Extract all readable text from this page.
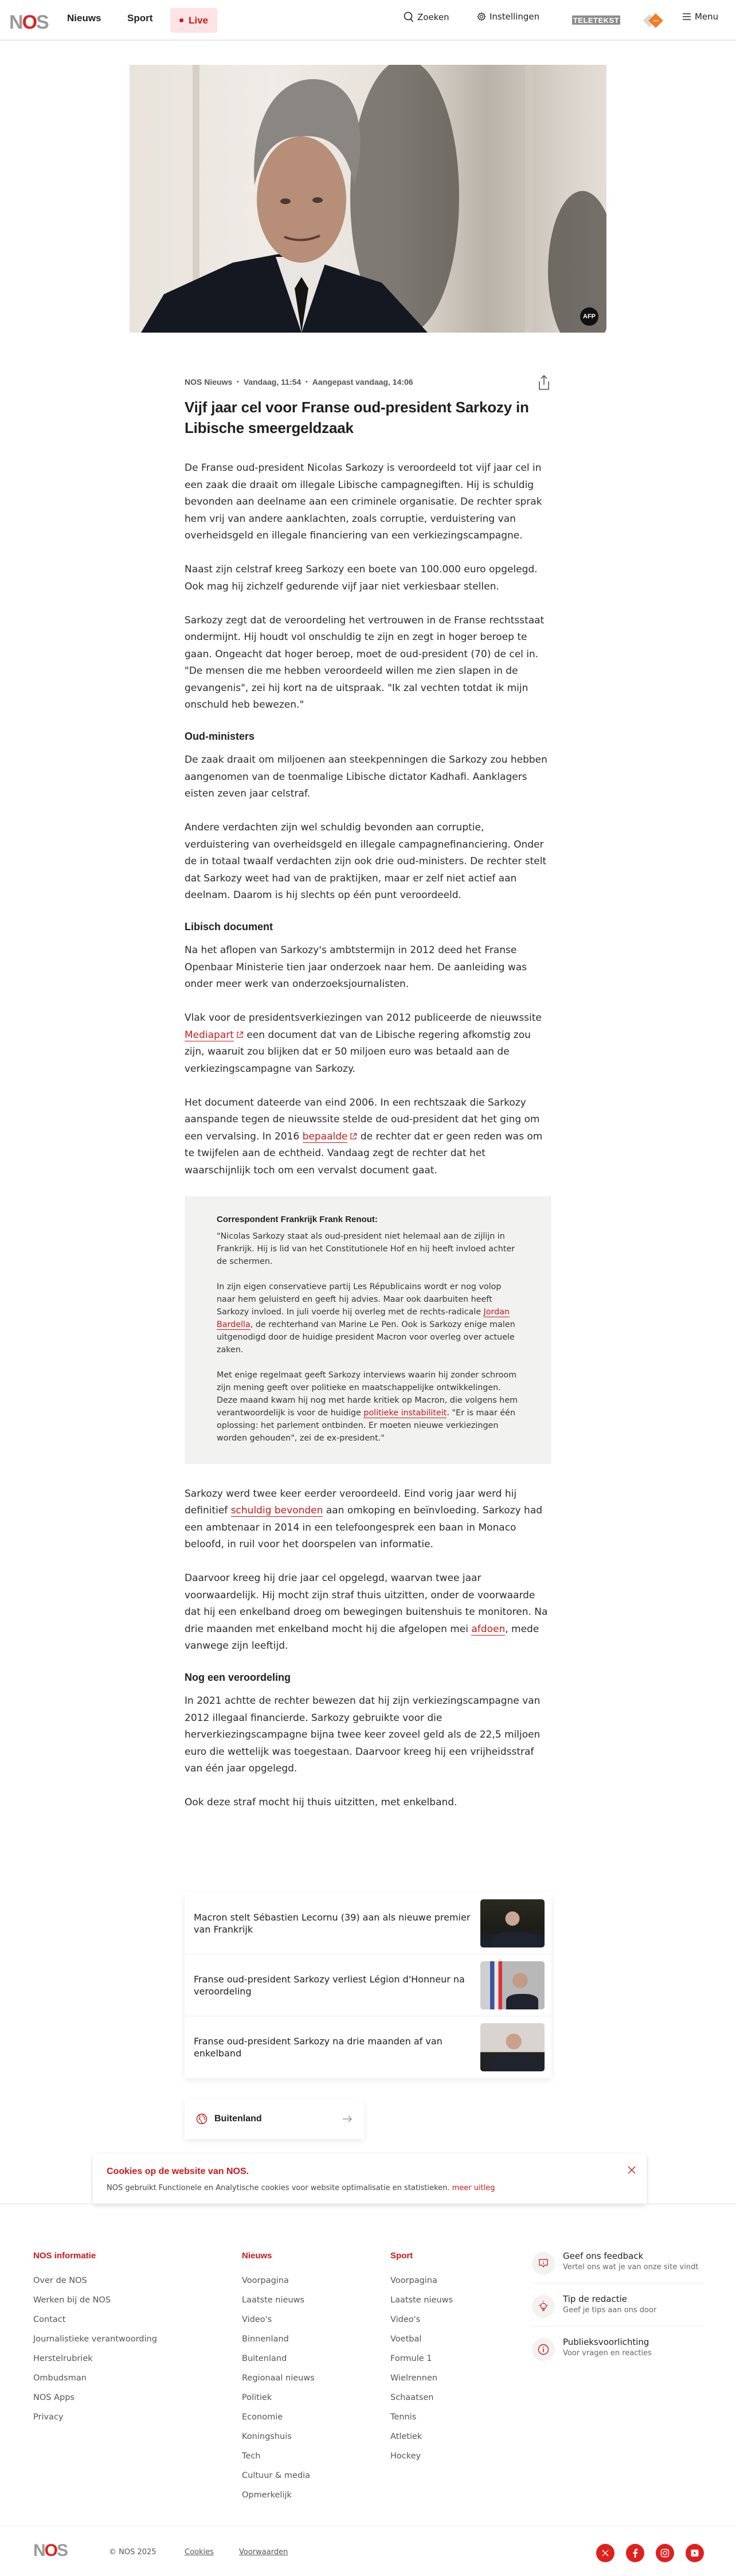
NOS Nieuws	Sport	Live	Zoeken	Instellingen	TELETEKST	start	Menu
AFP
NOS Nieuws • Vandaag, 11:54 • Aangepast vandaag, 14:06
Vijf jaar cel voor Franse oud-president Sarkozy in Libische smeergeldzaak

De Franse oud-president Nicolas Sarkozy is veroordeeld tot vijf jaar cel in een zaak die draait om illegale Libische campagnegiften. Hij is schuldig bevonden aan deelname aan een criminele organisatie. De rechter sprak hem vrij van andere aanklachten, zoals corruptie, verduistering van overheidsgeld en illegale financiering van een verkiezingscampagne.

Naast zijn celstraf kreeg Sarkozy een boete van 100.000 euro opgelegd. Ook mag hij zichzelf gedurende vijf jaar niet verkiesbaar stellen.

Sarkozy zegt dat de veroordeling het vertrouwen in de Franse rechtsstaat ondermijnt. Hij houdt vol onschuldig te zijn en zegt in hoger beroep te gaan. Ongeacht dat hoger beroep, moet de oud-president (70) de cel in. "De mensen die me hebben veroordeeld willen me zien slapen in de gevangenis", zei hij kort na de uitspraak. "Ik zal vechten totdat ik mijn onschuld heb bewezen."

Oud-ministers

De zaak draait om miljoenen aan steekpenningen die Sarkozy zou hebben aangenomen van de toenmalige Libische dictator Kadhafi. Aanklagers eisten zeven jaar celstraf.

Andere verdachten zijn wel schuldig bevonden aan corruptie, verduistering van overheidsgeld en illegale campagnefinanciering. Onder de in totaal twaalf verdachten zijn ook drie oud-ministers. De rechter stelt dat Sarkozy weet had van de praktijken, maar er zelf niet actief aan deelnam. Daarom is hij slechts op één punt veroordeeld.

Libisch document

Na het aflopen van Sarkozy's ambtstermijn in 2012 deed het Franse Openbaar Ministerie tien jaar onderzoek naar hem. De aanleiding was onder meer werk van onderzoeksjournalisten.

Vlak voor de presidentsverkiezingen van 2012 publiceerde de nieuwssite Mediapart een document dat van de Libische regering afkomstig zou zijn, waaruit zou blijken dat er 50 miljoen euro was betaald aan de verkiezingscampagne van Sarkozy.

Het document dateerde van eind 2006. In een rechtszaak die Sarkozy aanspande tegen de nieuwssite stelde de oud-president dat het ging om een vervalsing. In 2016 bepaalde de rechter dat er geen reden was om te twijfelen aan de echtheid. Vandaag zegt de rechter dat het waarschijnlijk toch om een vervalst document gaat.

Correspondent Frankrijk Frank Renout:

"Nicolas Sarkozy staat als oud-president niet helemaal aan de zijlijn in Frankrijk. Hij is lid van het Constitutionele Hof en hij heeft invloed achter de schermen.

In zijn eigen conservatieve partij Les Républicains wordt er nog volop naar hem geluisterd en geeft hij advies. Maar ook daarbuiten heeft Sarkozy invloed. In juli voerde hij overleg met de rechts-radicale Jordan Bardella, de rechterhand van Marine Le Pen. Ook is Sarkozy enige malen uitgenodigd door de huidige president Macron voor overleg over actuele zaken.

Met enige regelmaat geeft Sarkozy interviews waarin hij zonder schroom zijn mening geeft over politieke en maatschappelijke ontwikkelingen. Deze maand kwam hij nog met harde kritiek op Macron, die volgens hem verantwoordelijk is voor de huidige politieke instabiliteit. "Er is maar één oplossing: het parlement ontbinden. Er moeten nieuwe verkiezingen worden gehouden", zei de ex-president."

Sarkozy werd twee keer eerder veroordeeld. Eind vorig jaar werd hij definitief schuldig bevonden aan omkoping en beïnvloeding. Sarkozy had een ambtenaar in 2014 in een telefoongesprek een baan in Monaco beloofd, in ruil voor het doorspelen van informatie.

Daarvoor kreeg hij drie jaar cel opgelegd, waarvan twee jaar voorwaardelijk. Hij mocht zijn straf thuis uitzitten, onder de voorwaarde dat hij een enkelband droeg om bewegingen buitenshuis te monitoren. Na drie maanden met enkelband mocht hij die afgelopen mei afdoen, mede vanwege zijn leeftijd.

Nog een veroordeling

In 2021 achtte de rechter bewezen dat hij zijn verkiezingscampagne van 2012 illegaal financierde. Sarkozy gebruikte voor die herverkiezingscampagne bijna twee keer zoveel geld als de 22,5 miljoen euro die wettelijk was toegestaan. Daarvoor kreeg hij een vrijheidsstraf van één jaar opgelegd.

Ook deze straf mocht hij thuis uitzitten, met enkelband.

Macron stelt Sébastien Lecornu (39) aan als nieuwe premier van Frankrijk
Franse oud-president Sarkozy verliest Légion d'Honneur na veroordeling
Franse oud-president Sarkozy na drie maanden af van enkelband
Buitenland
Cookies op de website van NOS.

NOS gebruikt Functionele en Analytische cookies voor website optimalisatie en statistieken. meer uitleg

NOS informatie
Over de NOS
Werken bij de NOS
Contact
Journalistieke verantwoording
Herstelrubriek
Ombudsman
NOS Apps
Privacy
Nieuws
Voorpagina
Laatste nieuws
Video's
Binnenland
Buitenland
Regionaal nieuws
Politiek
Economie
Koningshuis
Tech
Cultuur & media
Opmerkelijk
Sport
Voorpagina
Laatste nieuws
Video's
Voetbal
Formule 1
Wielrennen
Schaatsen
Tennis
Atletiek
Hockey
Geef ons feedback
Vertel ons wat je van onze site vindt
Tip de redactie
Geef je tips aan ons door
Publieksvoorlichting
Voor vragen en reacties
NOS	© NOS 2025	Cookies	Voorwaarden
